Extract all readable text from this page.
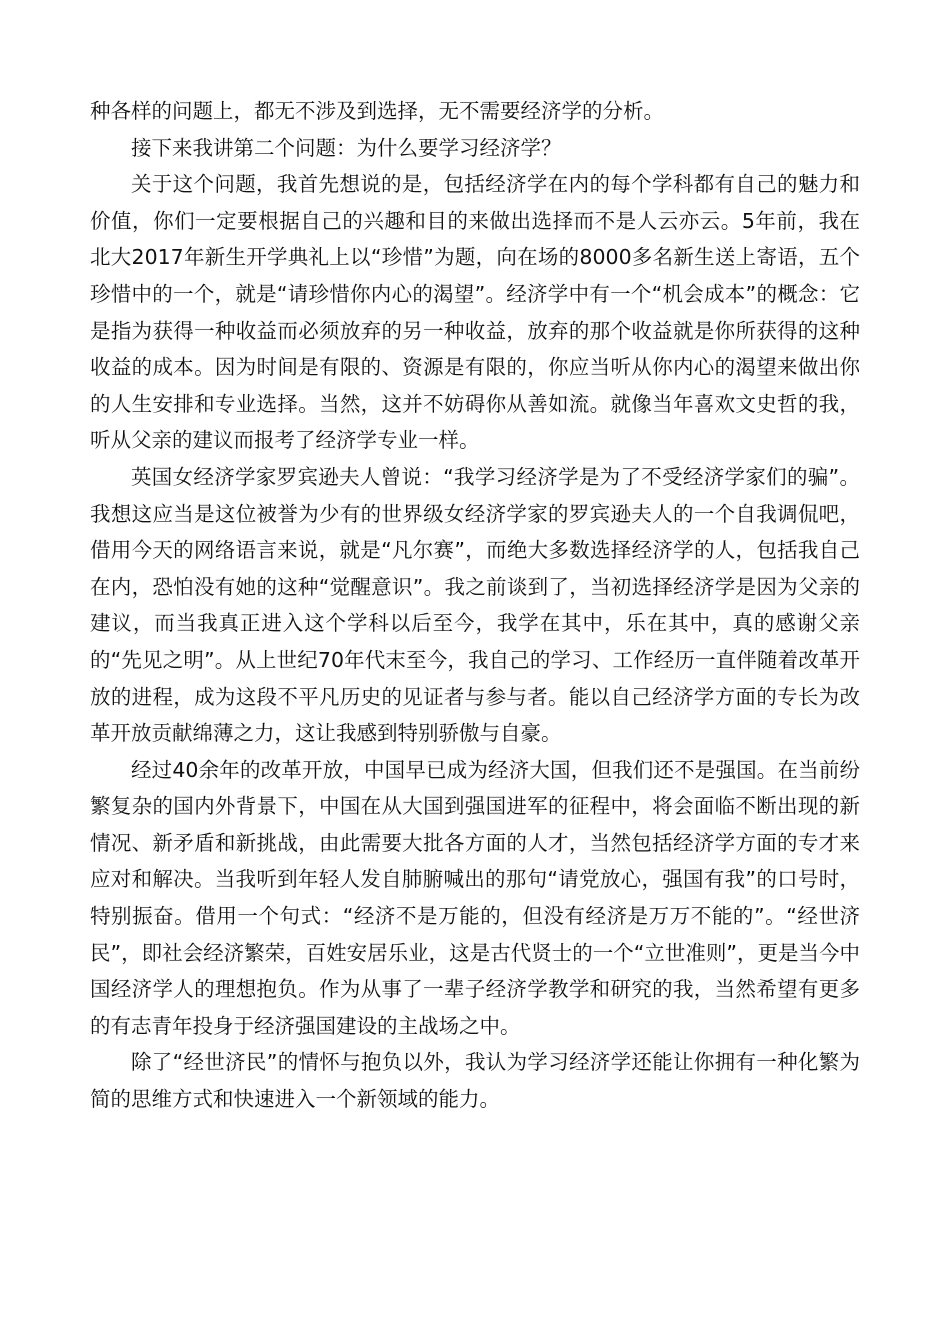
种各样的问题上，都无不涉及到选择，无不需要经济学的分析。

接下来我讲第二个问题：为什么要学习经济学？

关于这个问题，我首先想说的是，包括经济学在内的每个学科都有自己的魅力和价值，你们一定要根据自己的兴趣和目的来做出选择而不是人云亦云。5年前，我在北大2017年新生开学典礼上以“珍惜”为题，向在场的8000多名新生送上寄语，五个珍惜中的一个，就是“请珍惜你内心的渴望”。经济学中有一个“机会成本”的概念：它是指为获得一种收益而必须放弃的另一种收益，放弃的那个收益就是你所获得的这种收益的成本。因为时间是有限的、资源是有限的，你应当听从你内心的渴望来做出你的人生安排和专业选择。当然，这并不妨碍你从善如流。就像当年喜欢文史哲的我，听从父亲的建议而报考了经济学专业一样。

英国女经济学家罗宾逊夫人曾说：“我学习经济学是为了不受经济学家们的骗”。我想这应当是这位被誉为少有的世界级女经济学家的罗宾逊夫人的一个自我调侃吧，借用今天的网络语言来说，就是“凡尔赛”，而绝大多数选择经济学的人，包括我自己在内，恐怕没有她的这种“觉醒意识”。我之前谈到了，当初选择经济学是因为父亲的建议，而当我真正进入这个学科以后至今，我学在其中，乐在其中，真的感谢父亲的“先见之明”。从上世纪70年代末至今，我自己的学习、工作经历一直伴随着改革开放的进程，成为这段不平凡历史的见证者与参与者。能以自己经济学方面的专长为改革开放贡献绵薄之力，这让我感到特别骄傲与自豪。

经过40余年的改革开放，中国早已成为经济大国，但我们还不是强国。在当前纷繁复杂的国内外背景下，中国在从大国到强国进军的征程中，将会面临不断出现的新情况、新矛盾和新挑战，由此需要大批各方面的人才，当然包括经济学方面的专才来应对和解决。当我听到年轻人发自肺腑喊出的那句“请党放心，强国有我”的口号时，特别振奋。借用一个句式：“经济不是万能的，但没有经济是万万不能的”。“经世济民”，即社会经济繁荣，百姓安居乐业，这是古代贤士的一个“立世准则”，更是当今中国经济学人的理想抱负。作为从事了一辈子经济学教学和研究的我，当然希望有更多的有志青年投身于经济强国建设的主战场之中。

除了“经世济民”的情怀与抱负以外，我认为学习经济学还能让你拥有一种化繁为简的思维方式和快速进入一个新领域的能力。
